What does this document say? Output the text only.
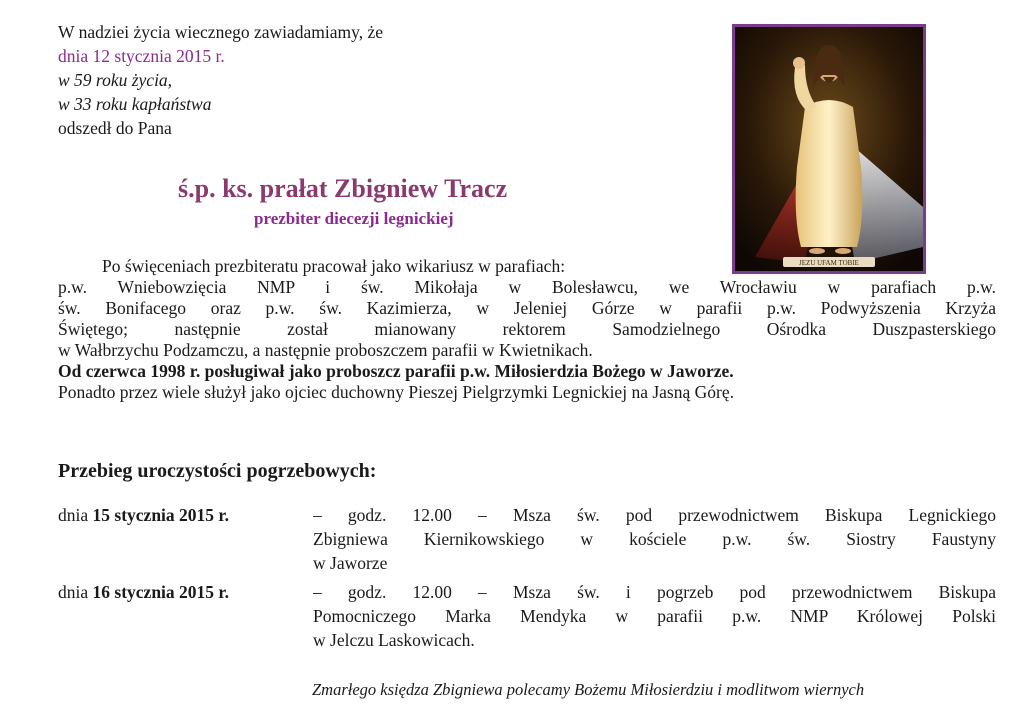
W nadziei życia wiecznego zawiadamiamy, że
dnia 12 stycznia 2015 r.
w 59 roku życia,
w 33 roku kapłaństwa
odszedł do Pana
ś.p. ks. prałat Zbigniew Tracz
prezbiter diecezji legnickiej
JEZU UFAM TOBIE
Po święceniach prezbiteratu pracował jako wikariusz w parafiach:
p.w. Wniebowzięcia NMP i św. Mikołaja w Bolesławcu, we Wrocławiu w parafiach p.w.
św. Bonifacego oraz p.w. św. Kazimierza, w Jeleniej Górze w parafii p.w. Podwyższenia Krzyża
Świętego; następnie został mianowany rektorem Samodzielnego Ośrodka Duszpasterskiego
w Wałbrzychu Podzamczu, a następnie proboszczem parafii w Kwietnikach.
Od czerwca 1998 r. posługiwał jako proboszcz parafii p.w. Miłosierdzia Bożego w Jaworze.
Ponadto przez wiele służył jako ojciec duchowny Pieszej Pielgrzymki Legnickiej na Jasną Górę.
Przebieg uroczystości pogrzebowych:
dnia 15 stycznia 2015 r.	– godz. 12.00 – Msza św. pod przewodnictwem Biskupa Legnickiego
Zbigniewa Kiernikowskiego w kościele p.w. św. Siostry Faustyny
w Jaworze
dnia 16 stycznia 2015 r.	– godz. 12.00 – Msza św. i pogrzeb pod przewodnictwem Biskupa
Pomocniczego Marka Mendyka w parafii p.w. NMP Królowej Polski
w Jelczu Laskowicach.
Zmarłego księdza Zbigniewa polecamy Bożemu Miłosierdziu i modlitwom wiernych
